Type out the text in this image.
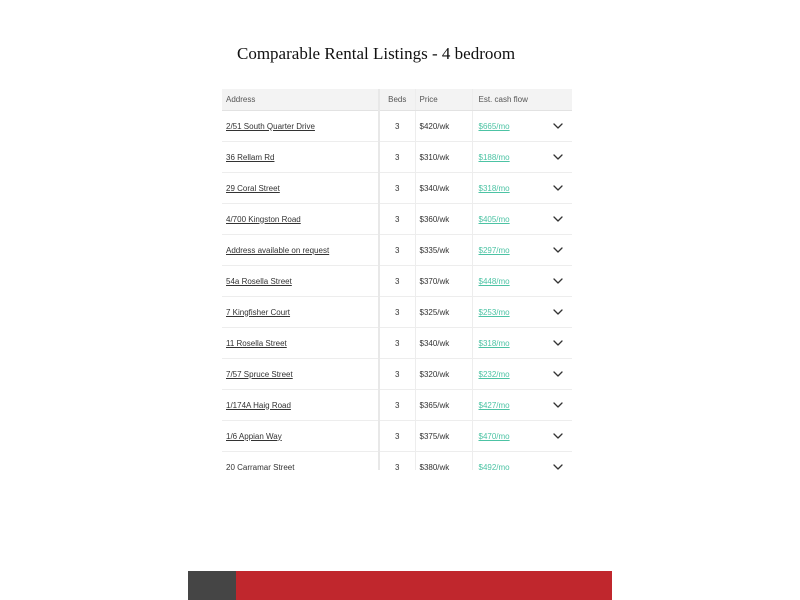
Comparable Rental Listings - 4 bedroom
Address	Beds	Price	Est. cash flow	
2/51 South Quarter Drive	3	$420/wk	$665/mo	

36 Rellam Rd	3	$310/wk	$188/mo	

29 Coral Street	3	$340/wk	$318/mo	

4/700 Kingston Road	3	$360/wk	$405/mo	

Address available on request	3	$335/wk	$297/mo	

54a Rosella Street	3	$370/wk	$448/mo	

7 Kingfisher Court	3	$325/wk	$253/mo	

11 Rosella Street	3	$340/wk	$318/mo	

7/57 Spruce Street	3	$320/wk	$232/mo	

1/174A Haig Road	3	$365/wk	$427/mo	

1/6 Appian Way	3	$375/wk	$470/mo	

20 Carramar Street	3	$380/wk	$492/mo	
